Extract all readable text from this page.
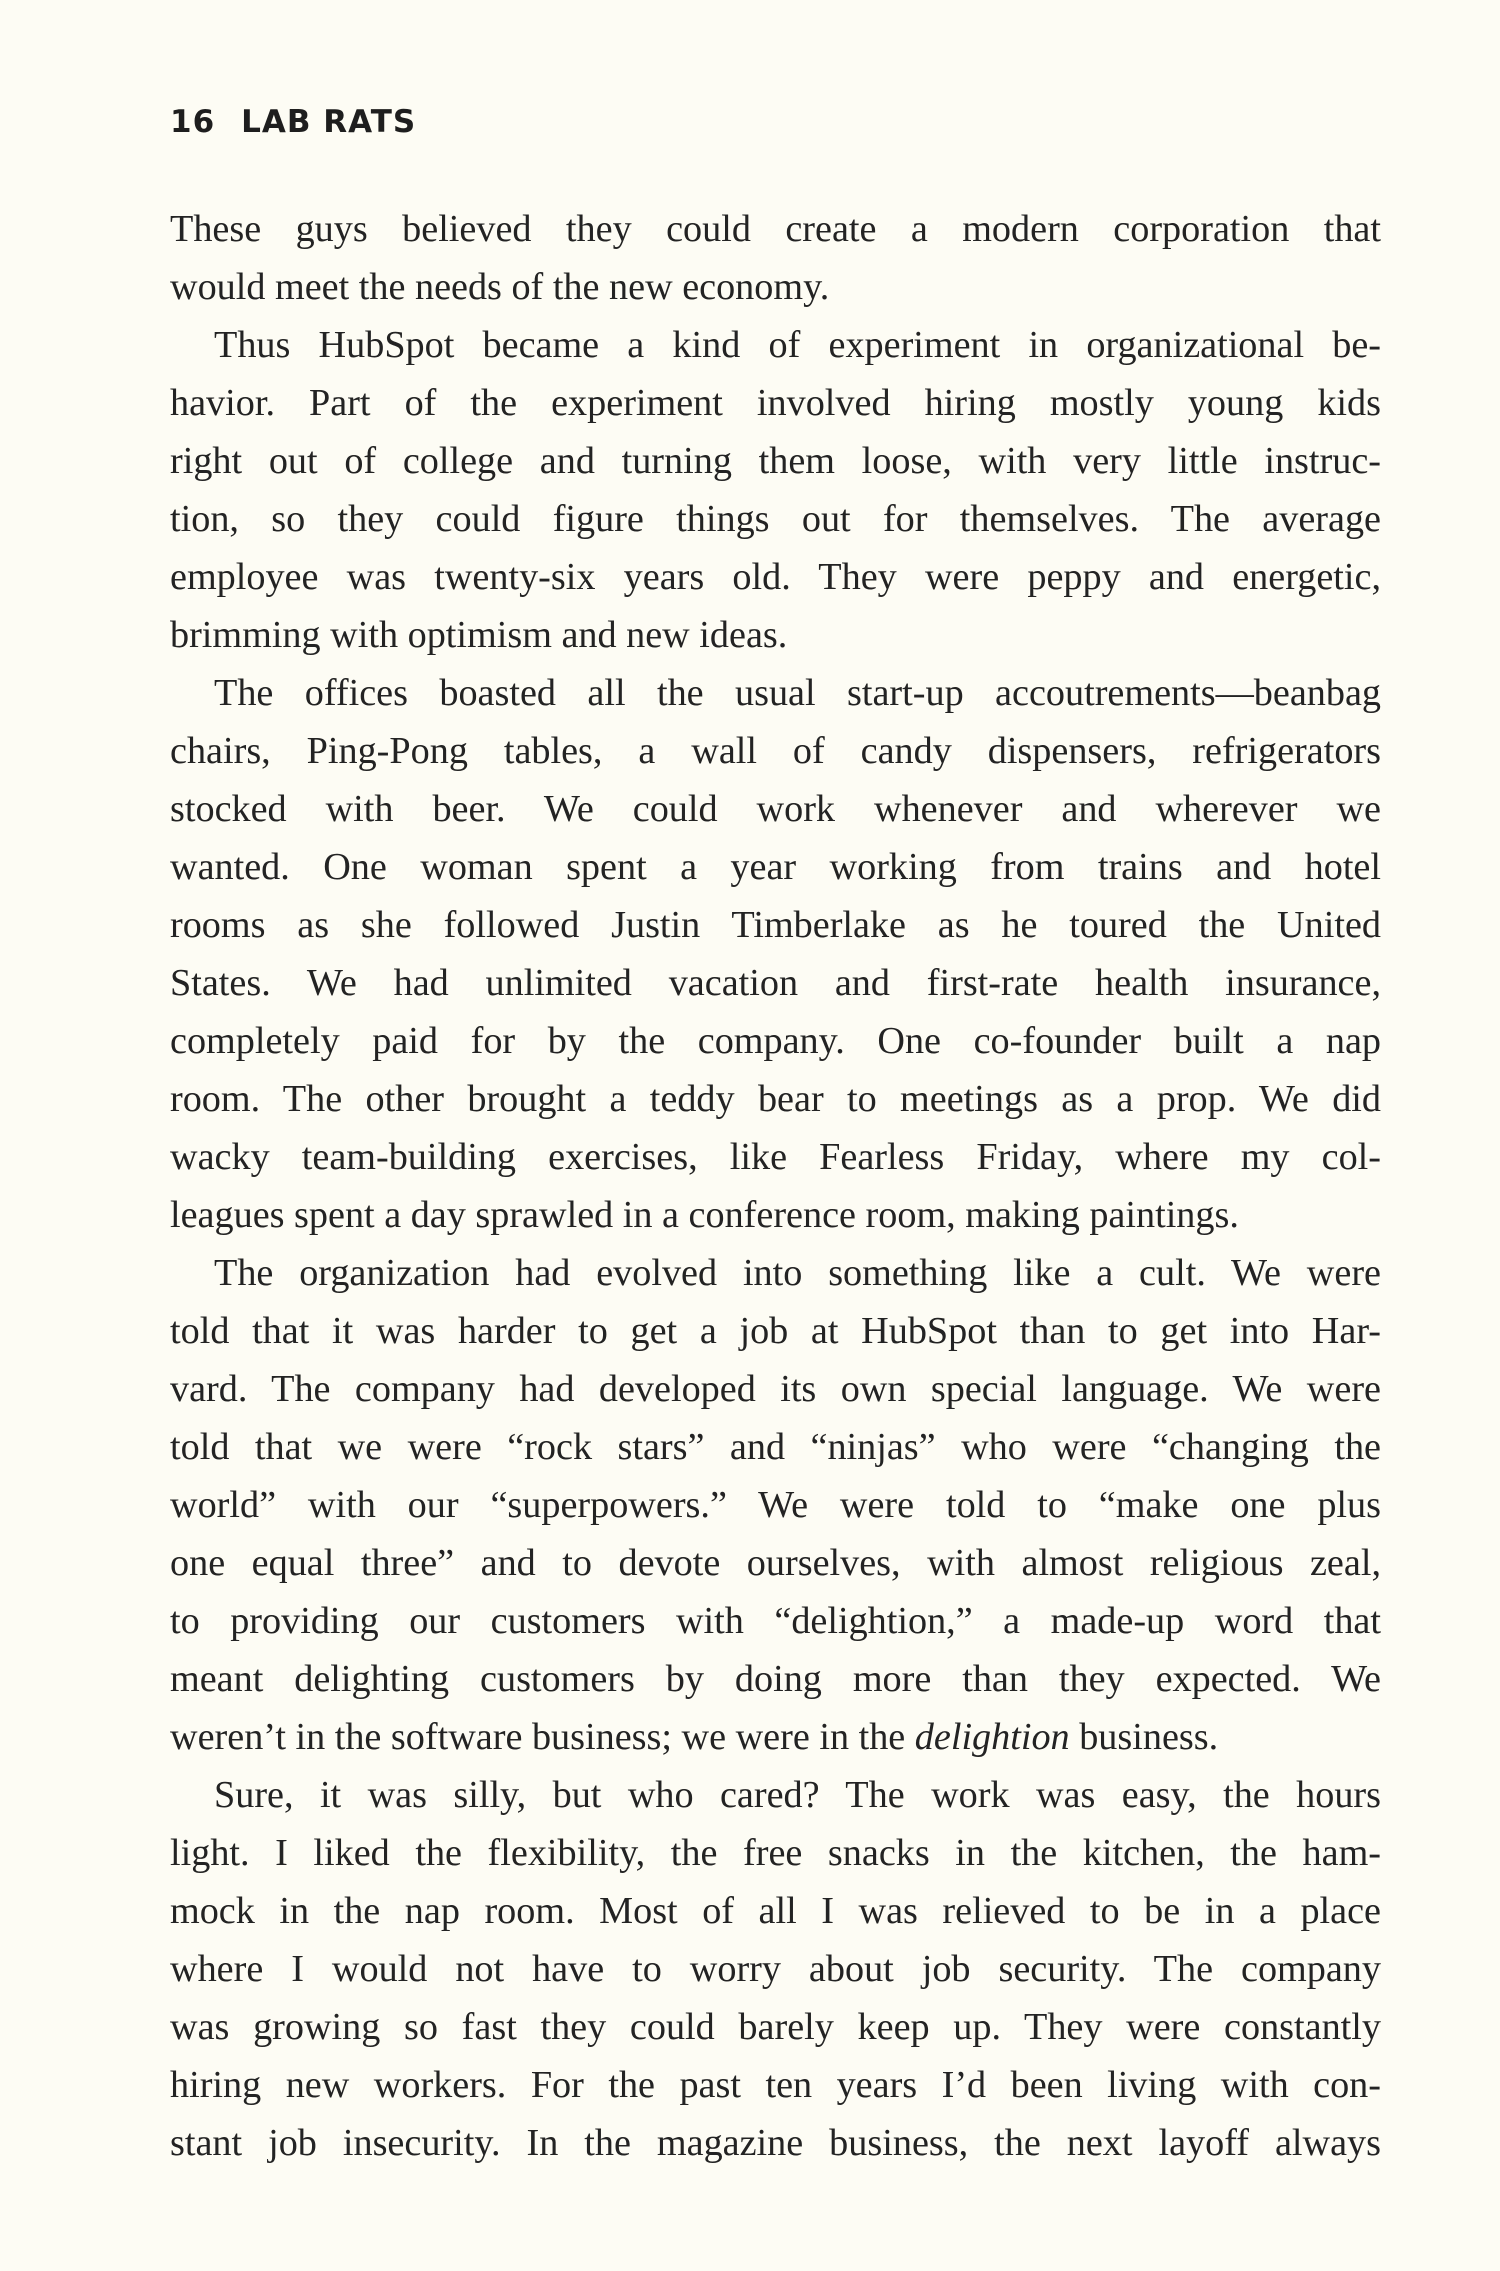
16 LAB RATS

These guys believed they could create a modern corporation that
would meet the needs of the new economy.

Thus HubSpot became a kind of experiment in organizational be-
havior. Part of the experiment involved hiring mostly young kids
right out of college and turning them loose, with very little instruc-
tion, so they could figure things out for themselves. The average
employee was twenty-six years old. They were peppy and energetic,
brimming with optimism and new ideas.

The offices boasted all the usual start-up accoutrements—beanbag
chairs, Ping-Pong tables, a wall of candy dispensers, refrigerators
stocked with beer. We could work whenever and wherever we
wanted. One woman spent a year working from trains and hotel
rooms as she followed Justin Timberlake as he toured the United
States. We had unlimited vacation and first-rate health insurance,
completely paid for by the company. One co-founder built a nap
room. The other brought a teddy bear to meetings as a prop. We did
wacky team-building exercises, like Fearless Friday, where my col-
leagues spent a day sprawled in a conference room, making paintings.

The organization had evolved into something like a cult. We were
told that it was harder to get a job at HubSpot than to get into Har-
vard. The company had developed its own special language. We were
told that we were “rock stars” and “ninjas” who were “changing the
world” with our “superpowers.” We were told to “make one plus
one equal three” and to devote ourselves, with almost religious zeal,
to providing our customers with “delightion,” a made-up word that
meant delighting customers by doing more than they expected. We
weren’t in the software business; we were in the delightion business.

Sure, it was silly, but who cared? The work was easy, the hours
light. I liked the flexibility, the free snacks in the kitchen, the ham-
mock in the nap room. Most of all I was relieved to be in a place
where I would not have to worry about job security. The company
was growing so fast they could barely keep up. They were constantly
hiring new workers. For the past ten years I’d been living with con-
stant job insecurity. In the magazine business, the next layoff always
